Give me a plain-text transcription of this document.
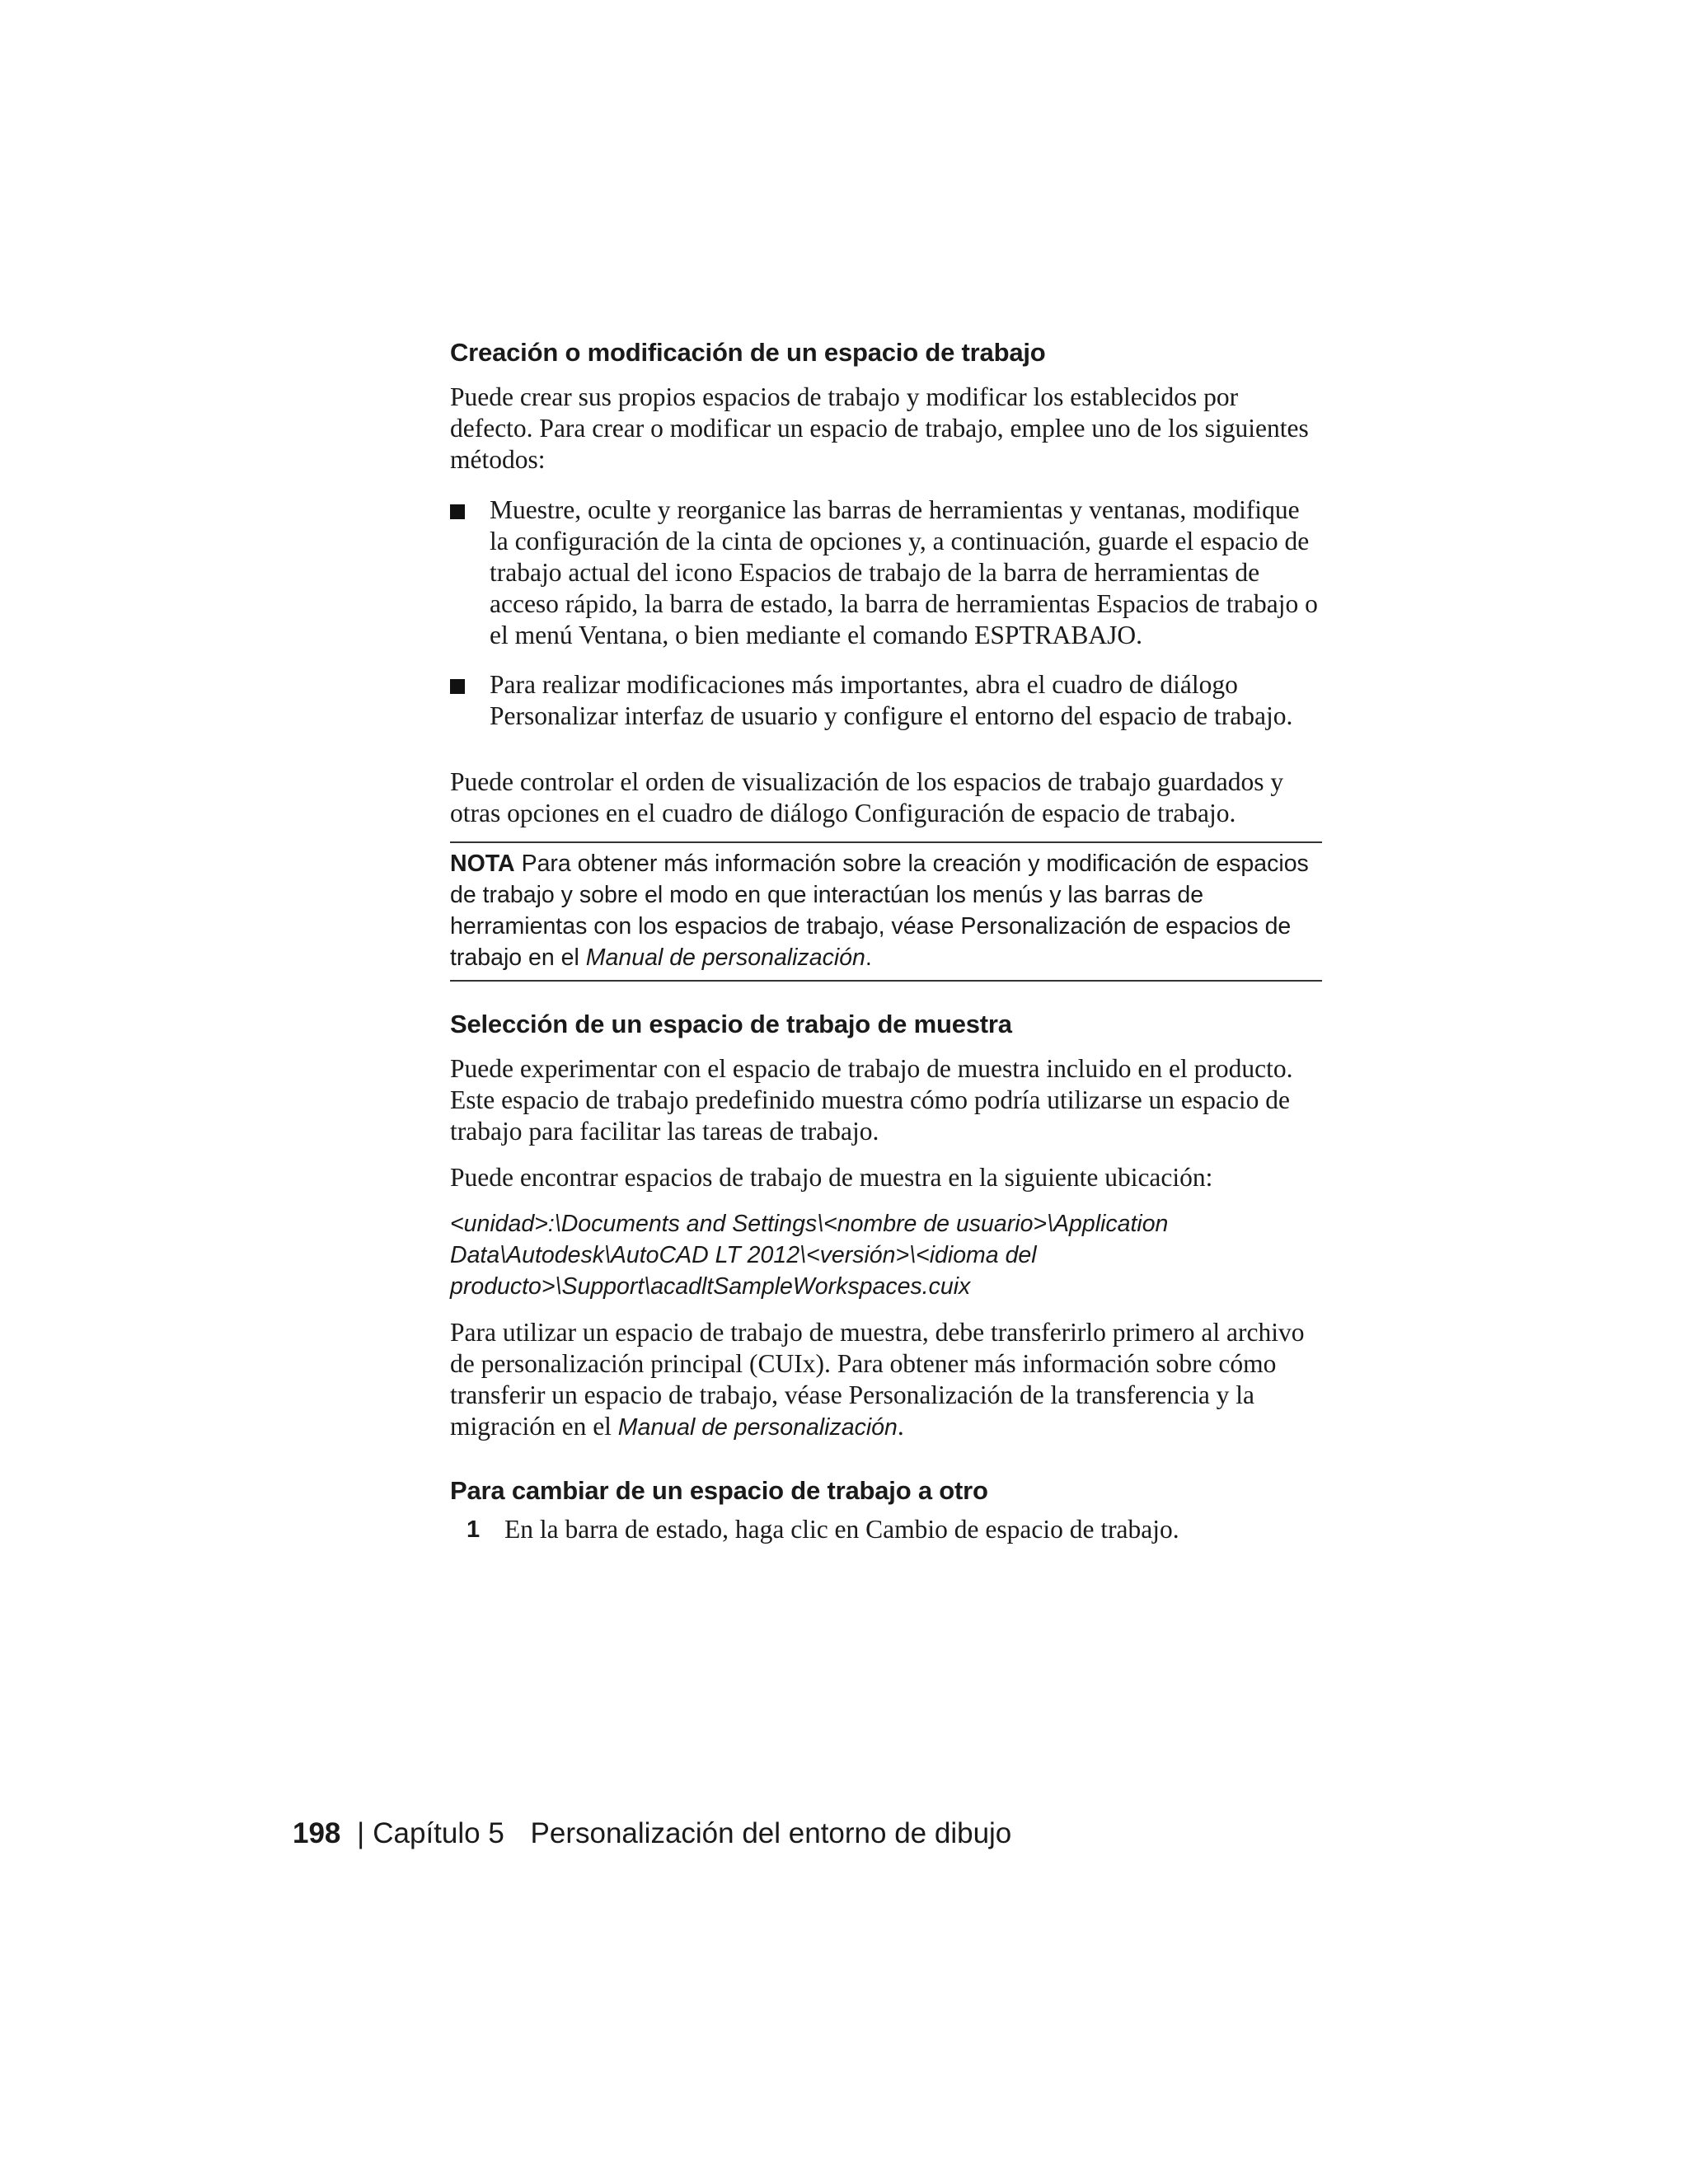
Creación o modificación de un espacio de trabajo

Puede crear sus propios espacios de trabajo y modificar los establecidos por defecto. Para crear o modificar un espacio de trabajo, emplee uno de los siguientes métodos:

Muestre, oculte y reorganice las barras de herramientas y ventanas, modifique la configuración de la cinta de opciones y, a continuación, guarde el espacio de trabajo actual del icono Espacios de trabajo de la barra de herramientas de acceso rápido, la barra de estado, la barra de herramientas Espacios de trabajo o el menú Ventana, o bien mediante el comando ESPTRABAJO.
Para realizar modificaciones más importantes, abra el cuadro de diálogo Personalizar interfaz de usuario y configure el entorno del espacio de trabajo.

Puede controlar el orden de visualización de los espacios de trabajo guardados y otras opciones en el cuadro de diálogo Configuración de espacio de trabajo.

NOTA Para obtener más información sobre la creación y modificación de espacios de trabajo y sobre el modo en que interactúan los menús y las barras de herramientas con los espacios de trabajo, véase Personalización de espacios de trabajo en el Manual de personalización.

Selección de un espacio de trabajo de muestra

Puede experimentar con el espacio de trabajo de muestra incluido en el producto. Este espacio de trabajo predefinido muestra cómo podría utilizarse un espacio de trabajo para facilitar las tareas de trabajo.

Puede encontrar espacios de trabajo de muestra en la siguiente ubicación:

<unidad>:\Documents and Settings\<nombre de usuario>\Application
Data\Autodesk\AutoCAD LT 2012\<versión>\<idioma del
producto>\Support\acadltSampleWorkspaces.cuix

Para utilizar un espacio de trabajo de muestra, debe transferirlo primero al archivo de personalización principal (CUIx). Para obtener más información sobre cómo transferir un espacio de trabajo, véase Personalización de la transferencia y la migración en el Manual de personalización.

Para cambiar de un espacio de trabajo a otro
1 En la barra de estado, haga clic en Cambio de espacio de trabajo.
198 | Capítulo 5 Personalización del entorno de dibujo
